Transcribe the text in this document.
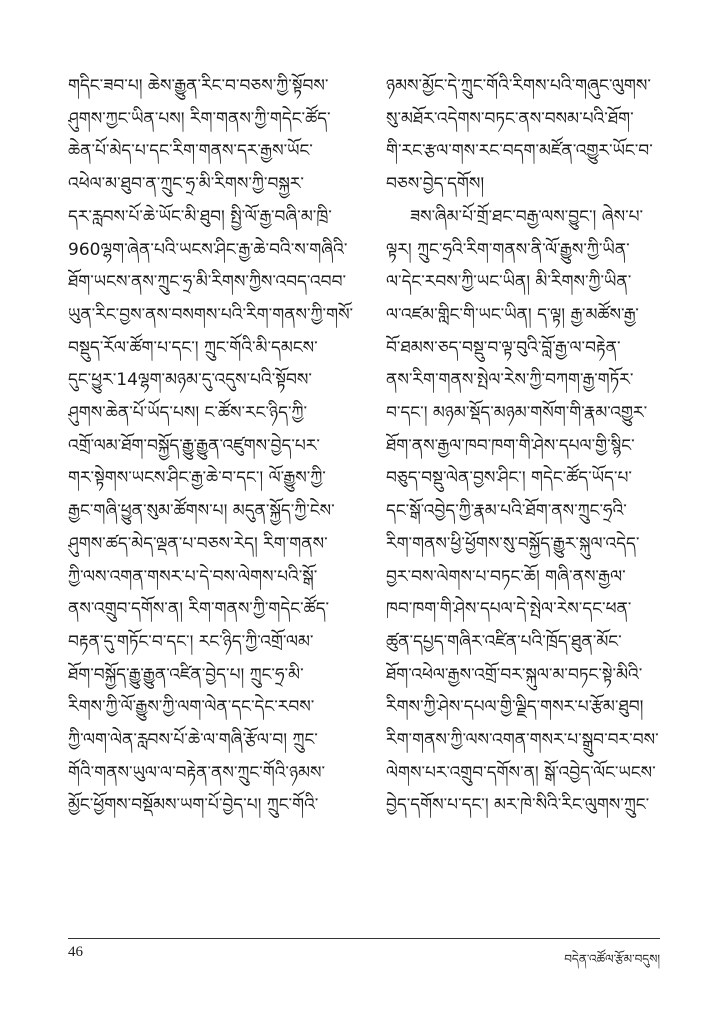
གདིང་ཟབ་པ། ཆེས་རྒྱུན་རིང་བ་བཅས་ཀྱི་སྟོབས་
ཤུགས་ཀྱང་ཡིན་པས། རིག་གནས་ཀྱི་གདེང་ཚོད་
ཆེན་པོ་མེད་པ་དང་རིག་གནས་དར་རྒྱས་ཡོང་
འཕེལ་མ་ཐུབ་ན་ཀྲུང་ཧྲ་མི་རིགས་ཀྱི་བསྐྱར་
དར་རླབས་པོ་ཆེ་ཡོང་མི་ཐུབ། སྤྱི་ལོ་རྒྱ་བཞི་མ་ཁྲི་
960ལྷག་ཞེན་པའི་ཡངས་ཤིང་རྒྱ་ཆེ་བའི་ས་གཞིའི་
ཐོག་ཡངས་ནས་ཀྲུང་ཧྲ་མི་རིགས་ཀྱིས་འབད་འབབ་
ཡུན་རིང་བྱས་ནས་བསགས་པའི་རིག་གནས་ཀྱི་གསོ་
བསྡུད་རོལ་ཚོག་པ་དང་། ཀྲུང་གོའི་མི་དམངས་
དུང་ཕྱུར་14ལྷག་མཉམ་དུ་འདུས་པའི་སྟོབས་
ཤུགས་ཆེན་པོ་ཡོད་པས། ང་ཚོས་རང་ཉིད་ཀྱི་
འགྲོ་ལམ་ཐོག་བསྐྱོད་རྒྱུ་རྒྱུན་འཛུགས་བྱེད་པར་
གར་སྟེགས་ཡངས་ཤིང་རྒྱ་ཆེ་བ་དང་། ལོ་རྒྱུས་ཀྱི་
རྒྱང་གཞི་ཕྱུན་སུམ་ཚོགས་པ། མདུན་སྐྱོད་ཀྱི་ངེས་
ཤུགས་ཚད་མེད་ལྡན་པ་བཅས་རེད། རིག་གནས་
ཀྱི་ལས་འགན་གསར་པ་དེ་བས་ལེགས་པའི་སྒོ་
ནས་འགྲུབ་དགོས་ན། རིག་གནས་ཀྱི་གདེང་ཚོད་
བརྟན་དུ་གཏོང་བ་དང་། རང་ཉིད་ཀྱི་འགྲོ་ལམ་
ཐོག་བསྐྱོད་རྒྱུ་རྒྱུན་འཛིན་བྱེད་པ། ཀྲུང་ཧྲ་མི་
རིགས་ཀྱི་ལོ་རྒྱུས་ཀྱི་ལག་ལེན་དང་དེང་རབས་
ཀྱི་ལག་ལེན་རླབས་པོ་ཆེ་ལ་གཞི་རྩོལ་བ། ཀྲུང་
གོའི་གནས་ཡུལ་ལ་བརྟེན་ནས་ཀྲུང་གོའི་ཉམས་
མྱོང་ཕྱོགས་བསྡོམས་ཡག་པོ་བྱེད་པ། ཀྲུང་གོའི་
ཉམས་མྱོང་དེ་ཀྲུང་གོའི་རིགས་པའི་གཞུང་ལུགས་
སུ་མཐོར་འདེགས་བཏང་ནས་བསམ་པའི་ཐོག་
གི་རང་རྩལ་གས་རང་བདག་མཛོན་འགྱུར་ཡོང་བ་
བཅས་བྱེད་དགོས།
ཟས་ཞིམ་པོ་གྲོ་ཐང་བརྒྱ་ལས་བྱུང་། ཞེས་པ་
ལྟར། ཀྲུང་ཧྲའི་རིག་གནས་ནི་ལོ་རྒྱུས་ཀྱི་ཡིན་
ལ་དེང་རབས་ཀྱི་ཡང་ཡིན། མི་རིགས་ཀྱི་ཡིན་
ལ་འཛམ་གླིང་གི་ཡང་ཡིན། ད་ལྟ། རྒྱ་མཚོས་རྒྱ་
བོ་ཐམས་ཅད་བསྡུ་བ་ལྟ་བུའི་བློ་རྒྱ་ལ་བརྟེན་
ནས་རིག་གནས་སྤེལ་རེས་ཀྱི་བཀག་རྒྱ་གཏོར་
བ་དང་། མཉམ་སྡོད་མཉམ་གསོག་གི་རྣམ་འགྱུར་
ཐོག་ནས་རྒྱལ་ཁབ་ཁག་གི་ཤེས་དཔལ་གྱི་སྙིང་
བཅུད་བསྡུ་ལེན་བྱས་ཤིང་། གདེང་ཚོད་ཡོད་པ་
དང་སྒོ་འབྱེད་ཀྱི་རྣམ་པའི་ཐོག་ནས་ཀྲུང་ཧྲའི་
རིག་གནས་ཕྱི་ཕྱོགས་སུ་བསྐྱོད་རྒྱུར་སྐུལ་འདེད་
བྱར་བས་ལེགས་པ་བཏང་ཆོ། གཞི་ནས་རྒྱལ་
ཁབ་ཁག་གི་ཤེས་དཔལ་དེ་སྤེལ་རེས་དང་ཕན་
ཚུན་དཔྱད་གཞིར་འཛིན་པའི་ཁྲོད་ཐུན་མོང་
ཐོག་འཕེལ་རྒྱས་འགྲོ་བར་སྐུལ་མ་བཏང་སྟེ་མིའི་
རིགས་ཀྱི་ཤེས་དཔལ་གྱི་ལྗིད་གསར་པ་རྩོམ་ཐུབ།
རིག་གནས་ཀྱི་ལས་འགན་གསར་པ་སྒྲུབ་བར་བས་
ལེགས་པར་འགྲུབ་དགོས་ན། སྒོ་འབྱེད་ལོང་ཡངས་
བྱེད་དགོས་པ་དང་། མར་ཁེ་སིའི་རིང་ལུགས་ཀྲུང་
46	བདེན་འཚོལ་རྩོམ་བདུས།
